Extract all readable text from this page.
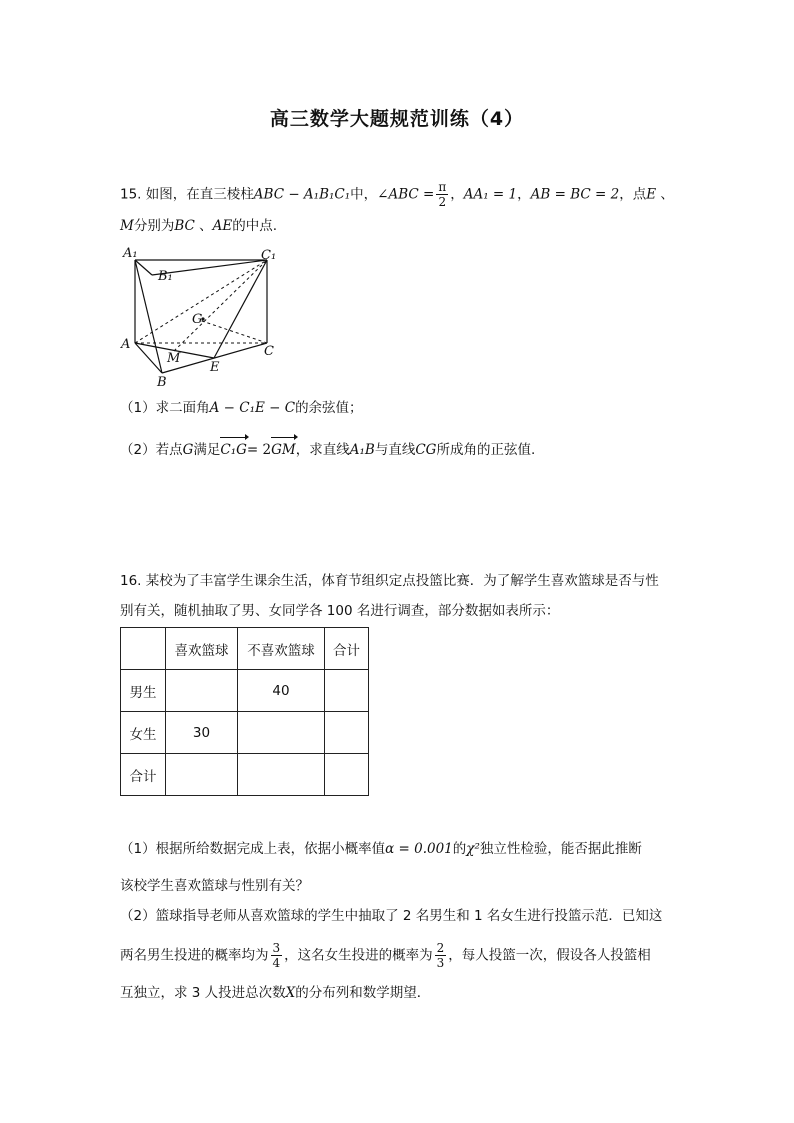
高三数学大题规范训练（4）
15. 如图，在直三棱柱ABC − A₁B₁C₁中，∠ABC = $\frac{\pi}{2}$ ，AA₁ = 1，AB = BC = 2，点E 、
M分别为BC 、AE的中点.
A₁
B₁
C₁
A
B
C
E
M
G
（1）求二面角A − C₁E − C的余弦值；
（2）若点G满足C₁G= 2GM，求直线A₁B与直线CG所成角的正弦值.
16. 某校为了丰富学生课余生活，体育节组织定点投篮比赛．为了解学生喜欢篮球是否与性
别有关，随机抽取了男、女同学各 100 名进行调查，部分数据如表所示：
	喜欢篮球	不喜欢篮球	合计
男生		40	
女生	30		
合计			
（1）根据所给数据完成上表，依据小概率值α = 0.001的χ²独立性检验，能否据此推断
该校学生喜欢篮球与性别有关？
（2）篮球指导老师从喜欢篮球的学生中抽取了 2 名男生和 1 名女生进行投篮示范．已知这
两名男生投进的概率均为 $\frac{3}{4}$ ，这名女生投进的概率为 $\frac{2}{3}$ ，每人投篮一次，假设各人投篮相
互独立，求 3 人投进总次数X的分布列和数学期望．
